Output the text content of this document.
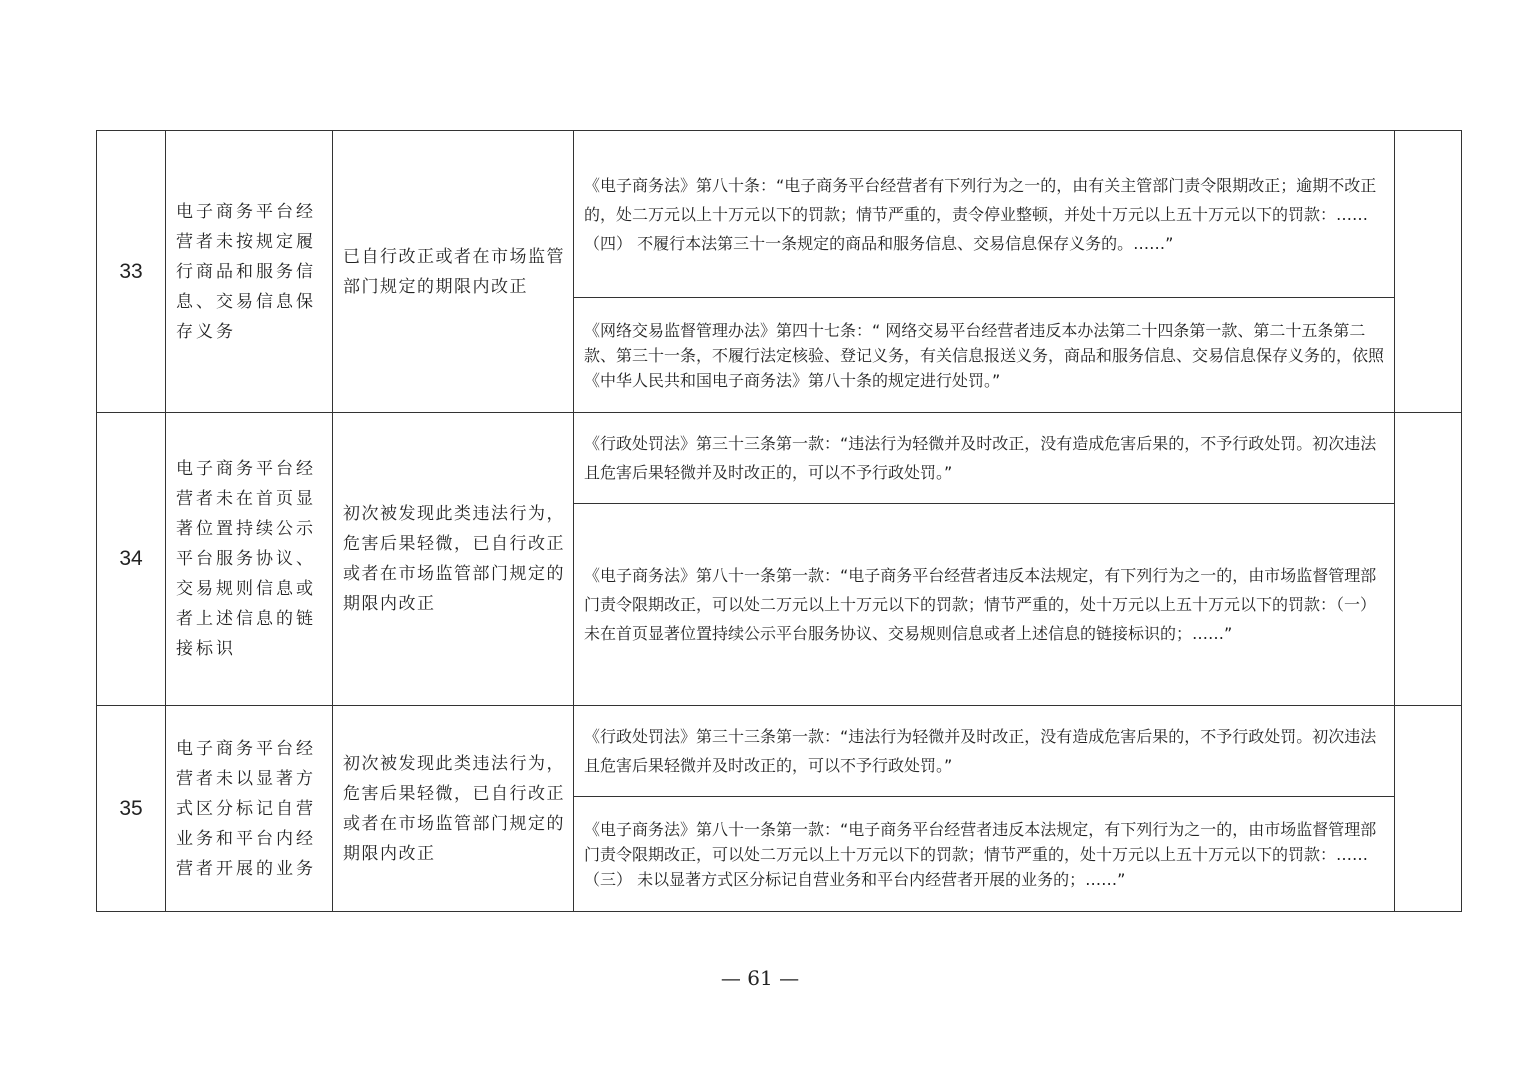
33	电子商务平台经营者未按规定履行商品和服务信息、交易信息保存义务	已自行改正或者在市场监管部门规定的期限内改正	《电子商务法》第八十条：“电子商务平台经营者有下列行为之一的，由有关主管部门责令限期改正；逾期不改正的，处二万元以上十万元以下的罚款；情节严重的，责令停业整顿，并处十万元以上五十万元以下的罚款：……（四） 不履行本法第三十一条规定的商品和服务信息、交易信息保存义务的。……”
《网络交易监督管理办法》第四十七条：“ 网络交易平台经营者违反本办法第二十四条第一款、第二十五条第二款、第三十一条，不履行法定核验、登记义务，有关信息报送义务，商品和服务信息、交易信息保存义务的，依照《中华人民共和国电子商务法》第八十条的规定进行处罚。”	

34	电子商务平台经营者未在首页显著位置持续公示平台服务协议、交易规则信息或者上述信息的链接标识	初次被发现此类违法行为，危害后果轻微，已自行改正或者在市场监管部门规定的期限内改正	《行政处罚法》第三十三条第一款：“违法行为轻微并及时改正，没有造成危害后果的，不予行政处罚。初次违法且危害后果轻微并及时改正的，可以不予行政处罚。”
《电子商务法》第八十一条第一款：“电子商务平台经营者违反本法规定，有下列行为之一的，由市场监督管理部门责令限期改正，可以处二万元以上十万元以下的罚款；情节严重的，处十万元以上五十万元以下的罚款：（一） 未在首页显著位置持续公示平台服务协议、交易规则信息或者上述信息的链接标识的；……”	

35	电子商务平台经营者未以显著方式区分标记自营业务和平台内经营者开展的业务	初次被发现此类违法行为，危害后果轻微，已自行改正或者在市场监管部门规定的期限内改正	《行政处罚法》第三十三条第一款：“违法行为轻微并及时改正，没有造成危害后果的，不予行政处罚。初次违法且危害后果轻微并及时改正的，可以不予行政处罚。”
《电子商务法》第八十一条第一款：“电子商务平台经营者违反本法规定，有下列行为之一的，由市场监督管理部门责令限期改正，可以处二万元以上十万元以下的罚款；情节严重的，处十万元以上五十万元以下的罚款：……（三） 未以显著方式区分标记自营业务和平台内经营者开展的业务的；……”	

— 61 —
